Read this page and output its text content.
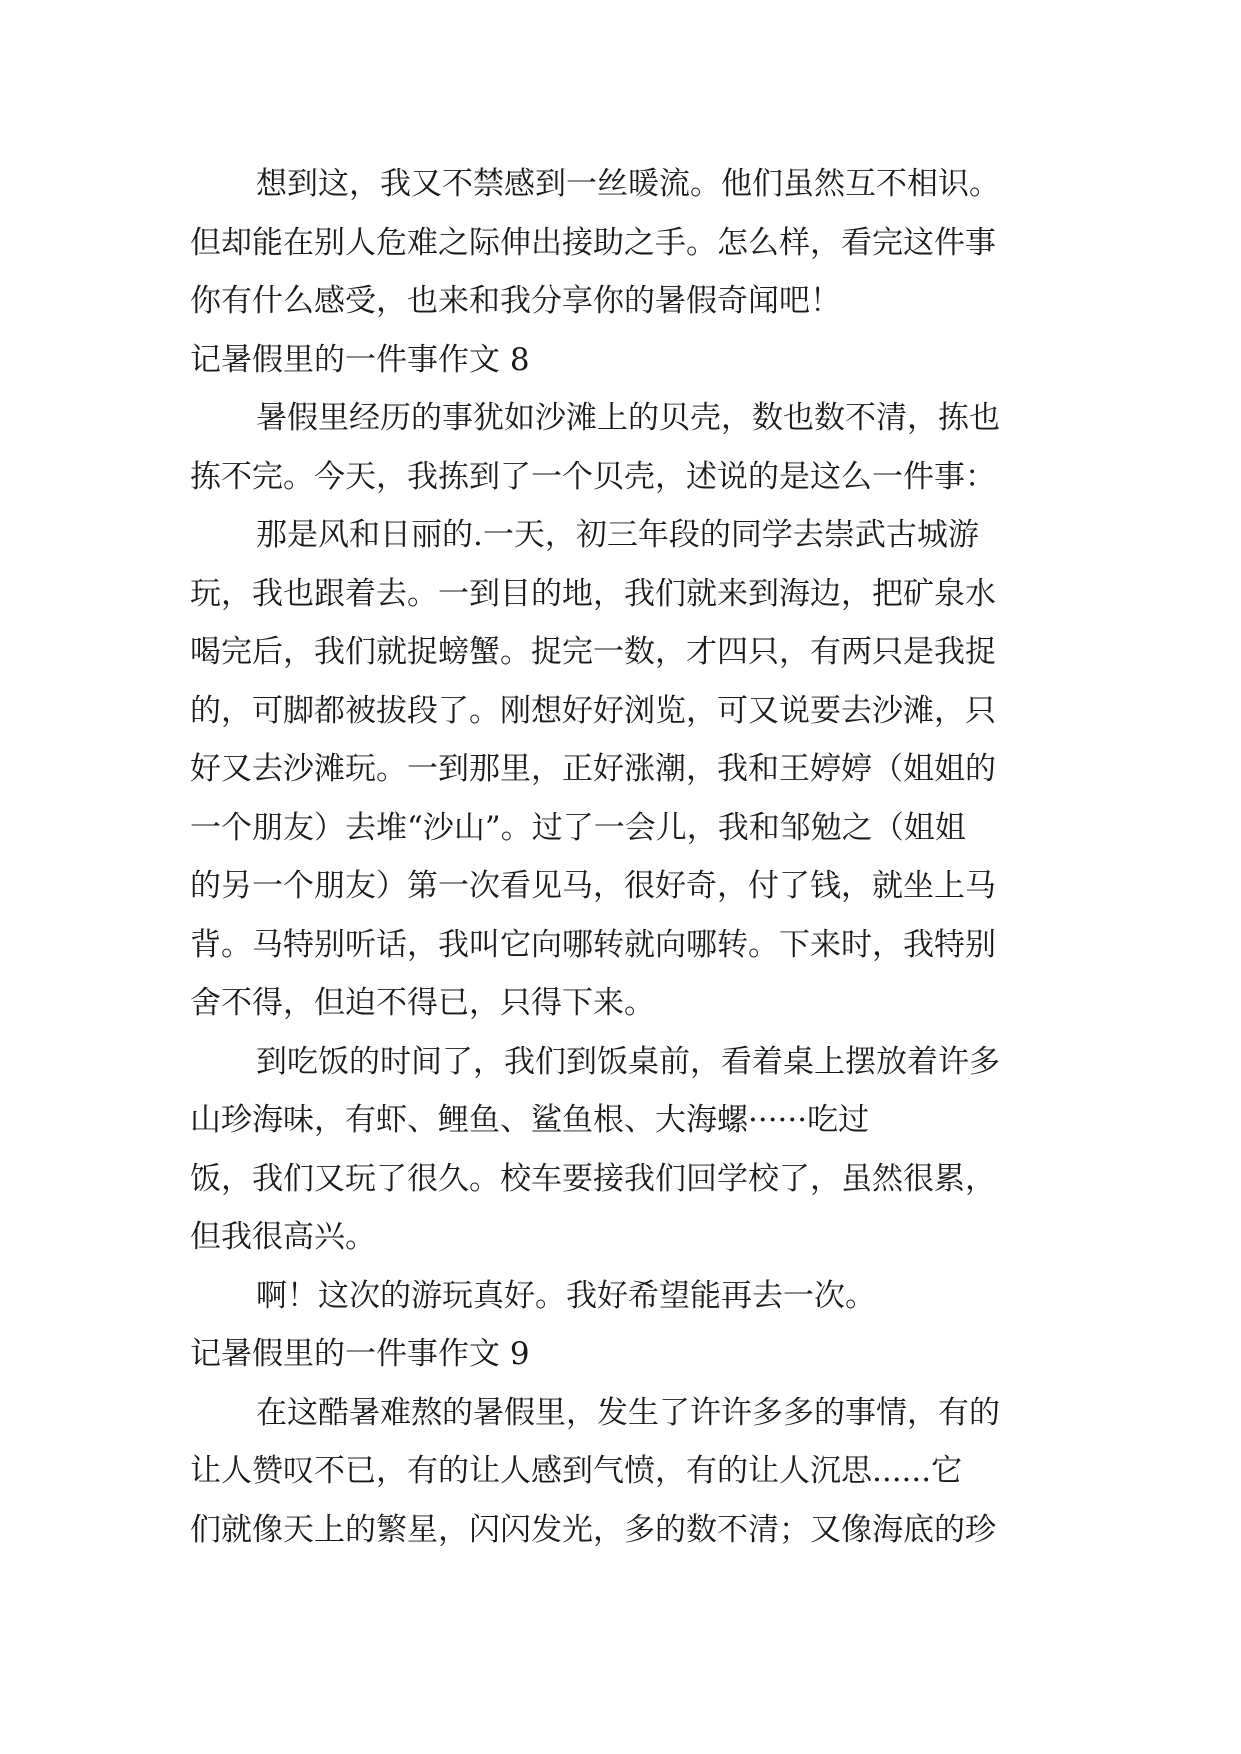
想到这，我又不禁感到一丝暖流。他们虽然互不相识。
但却能在别人危难之际伸出接助之手。怎么样，看完这件事
你有什么感受，也来和我分享你的暑假奇闻吧！
记暑假里的一件事作文 8
暑假里经历的事犹如沙滩上的贝壳，数也数不清，拣也
拣不完。今天，我拣到了一个贝壳，述说的是这么一件事：
那是风和日丽的.一天，初三年段的同学去崇武古城游
玩，我也跟着去。一到目的地，我们就来到海边，把矿泉水
喝完后，我们就捉螃蟹。捉完一数，才四只，有两只是我捉
的，可脚都被拔段了。刚想好好浏览，可又说要去沙滩，只
好又去沙滩玩。一到那里，正好涨潮，我和王婷婷（姐姐的
一个朋友）去堆“沙山”。过了一会儿，我和邹勉之（姐姐
的另一个朋友）第一次看见马，很好奇，付了钱，就坐上马
背。马特别听话，我叫它向哪转就向哪转。下来时，我特别
舍不得，但迫不得已，只得下来。
到吃饭的时间了，我们到饭桌前，看着桌上摆放着许多
山珍海味，有虾、鲤鱼、鲨鱼根、大海螺······吃过
饭，我们又玩了很久。校车要接我们回学校了，虽然很累，
但我很高兴。
啊！这次的游玩真好。我好希望能再去一次。
记暑假里的一件事作文 9
在这酷暑难熬的暑假里，发生了许许多多的事情，有的
让人赞叹不已，有的让人感到气愤，有的让人沉思......它
们就像天上的繁星，闪闪发光，多的数不清；又像海底的珍
